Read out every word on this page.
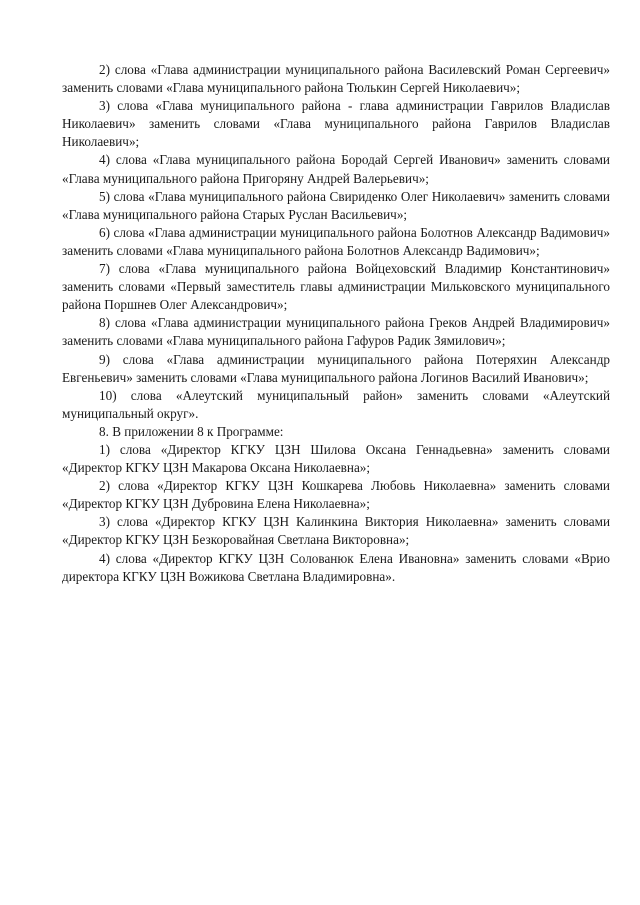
2) слова «Глава администрации муниципального района Василевский Роман Сергеевич» заменить словами «Глава муниципального района Тюлькин Сергей Николаевич»;

3) слова «Глава муниципального района - глава администрации Гаврилов Владислав Николаевич» заменить словами «Глава муниципального района Гаврилов Владислав Николаевич»;

4) слова «Глава муниципального района Бородай Сергей Иванович» заменить словами «Глава муниципального района Пригоряну Андрей Валерьевич»;

5) слова «Глава муниципального района Свириденко Олег Николаевич» заменить словами «Глава муниципального района Старых Руслан Васильевич»;

6) слова «Глава администрации муниципального района Болотнов Александр Вадимович» заменить словами «Глава муниципального района Болотнов Александр Вадимович»;

7) слова «Глава муниципального района Войцеховский Владимир Константинович» заменить словами «Первый заместитель главы администрации Мильковского муниципального района Поршнев Олег Александрович»;

8) слова «Глава администрации муниципального района Греков Андрей Владимирович» заменить словами «Глава муниципального района Гафуров Радик Зямилович»;

9) слова «Глава администрации муниципального района Потеряхин Александр Евгеньевич» заменить словами «Глава муниципального района Логинов Василий Иванович»;

10) слова «Алеутский муниципальный район» заменить словами «Алеутский муниципальный округ».

8. В приложении 8 к Программе:

1) слова «Директор КГКУ ЦЗН Шилова Оксана Геннадьевна» заменить словами «Директор КГКУ ЦЗН Макарова Оксана Николаевна»;

2) слова «Директор КГКУ ЦЗН Кошкарева Любовь Николаевна» заменить словами «Директор КГКУ ЦЗН Дубровина Елена Николаевна»;

3) слова «Директор КГКУ ЦЗН Калинкина Виктория Николаевна» заменить словами «Директор КГКУ ЦЗН Безкоровайная Светлана Викторовна»;

4) слова «Директор КГКУ ЦЗН Солованюк Елена Ивановна» заменить словами «Врио директора КГКУ ЦЗН Вожикова Светлана Владимировна».
